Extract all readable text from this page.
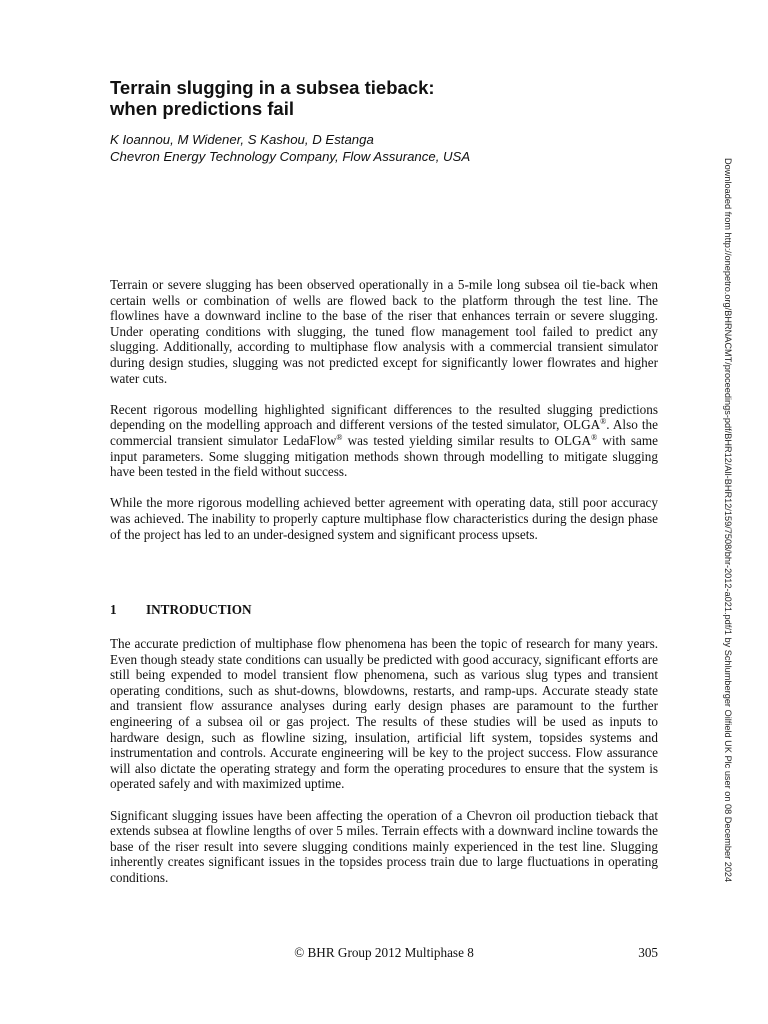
Terrain slugging in a subsea tieback:
when predictions fail
K Ioannou, M Widener, S Kashou, D Estanga
Chevron Energy Technology Company, Flow Assurance, USA

Terrain or severe slugging has been observed operationally in a 5-mile long subsea oil tie-back when certain wells or combination of wells are flowed back to the platform through the test line. The flowlines have a downward incline to the base of the riser that enhances terrain or severe slugging. Under operating conditions with slugging, the tuned flow management tool failed to predict any slugging. Additionally, according to multiphase flow analysis with a commercial transient simulator during design studies, slugging was not predicted except for significantly lower flowrates and higher water cuts.

Recent rigorous modelling highlighted significant differences to the resulted slugging predictions depending on the modelling approach and different versions of the tested simulator, OLGA®. Also the commercial transient simulator LedaFlow® was tested yielding similar results to OLGA® with same input parameters. Some slugging mitigation methods shown through modelling to mitigate slugging have been tested in the field without success.

While the more rigorous modelling achieved better agreement with operating data, still poor accuracy was achieved. The inability to properly capture multiphase flow characteristics during the design phase of the project has led to an under-designed system and significant process upsets.

1 INTRODUCTION

The accurate prediction of multiphase flow phenomena has been the topic of research for many years. Even though steady state conditions can usually be predicted with good accuracy, significant efforts are still being expended to model transient flow phenomena, such as various slug types and transient operating conditions, such as shut-downs, blowdowns, restarts, and ramp-ups. Accurate steady state and transient flow assurance analyses during early design phases are paramount to the further engineering of a subsea oil or gas project. The results of these studies will be used as inputs to hardware design, such as flowline sizing, insulation, artificial lift system, topsides systems and instrumentation and controls. Accurate engineering will be key to the project success. Flow assurance will also dictate the operating strategy and form the operating procedures to ensure that the system is operated safely and with maximized uptime.

Significant slugging issues have been affecting the operation of a Chevron oil production tieback that extends subsea at flowline lengths of over 5 miles. Terrain effects with a downward incline towards the base of the riser result into severe slugging conditions mainly experienced in the test line. Slugging inherently creates significant issues in the topsides process train due to large fluctuations in operating conditions.

© BHR Group 2012 Multiphase 8	305
Downloaded from http://onepetro.org/BHRNACMT/proceedings-pdf/BHR12/All-BHR12/159/7508/bhr-2012-a021.pdf/1 by Schlumberger Oilfield UK Plc user on 08 December 2024
